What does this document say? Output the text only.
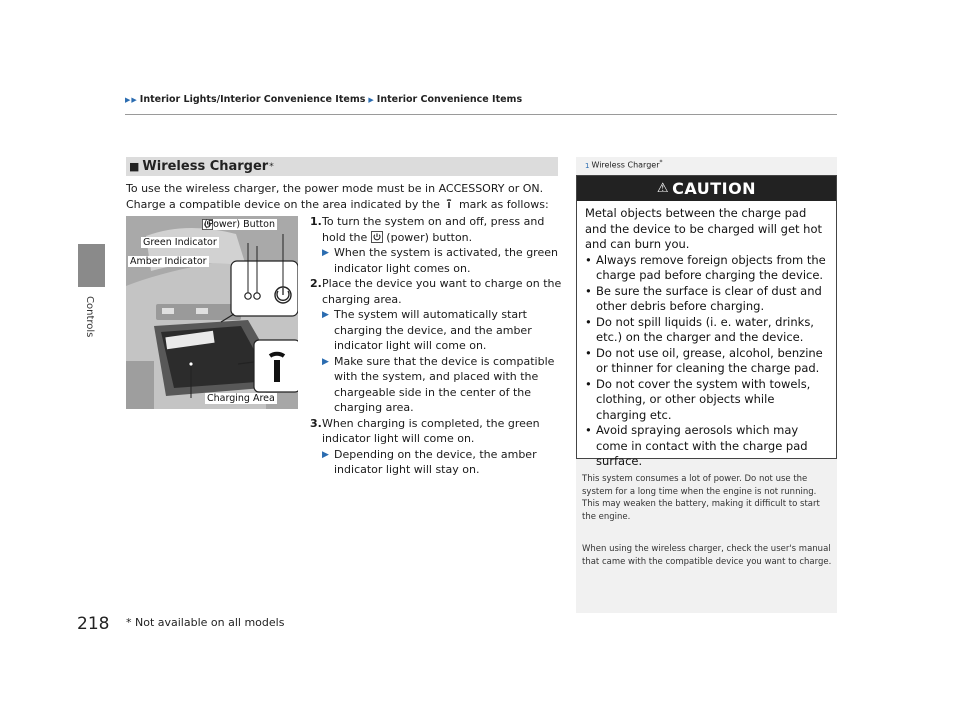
▶ ▶ Interior Lights/Interior Convenience Items ▶ Interior Convenience Items
Controls
■ Wireless Charger *
To use the wireless charger, the power mode must be in ACCESSORY or ON.
Charge a compatible device on the area indicated by the mark as follows:
(Power) Button
Green Indicator
Amber Indicator
Charging Area
1. To turn the system on and off, press and hold the (power) button.
▶ When the system is activated, the green indicator light comes on.
2. Place the device you want to charge on the charging area.
▶ The system will automatically start charging the device, and the amber indicator light will come on.
▶ Make sure that the device is compatible with the system, and placed with the chargeable side in the center of the charging area.
3. When charging is completed, the green indicator light will come on.
▶ Depending on the device, the amber indicator light will stay on.
1 Wireless Charger*
⚠ CAUTION
Metal objects between the charge pad and the device to be charged will get hot and can burn you.
• Always remove foreign objects from the charge pad before charging the device.
• Be sure the surface is clear of dust and other debris before charging.
• Do not spill liquids (i. e. water, drinks, etc.) on the charger and the device.
• Do not use oil, grease, alcohol, benzine or thinner for cleaning the charge pad.
• Do not cover the system with towels, clothing, or other objects while charging etc.
• Avoid spraying aerosols which may come in contact with the charge pad surface.
This system consumes a lot of power. Do not use the system for a long time when the engine is not running. This may weaken the battery, making it difficult to start the engine.
When using the wireless charger, check the user's manual that came with the compatible device you want to charge.
218 * Not available on all models
